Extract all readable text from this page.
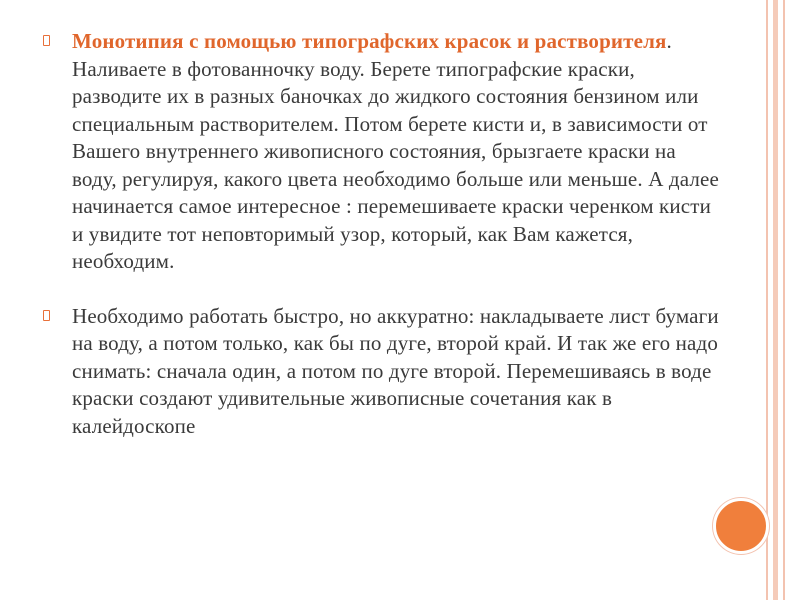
Монотипия с помощью типографских красок и растворителя. Наливаете в фотованночку воду. Берете типографские краски, разводите их в разных баночках до жидкого состояния бензином или специальным растворителем. Потом берете кисти и, в зависимости от Вашего внутреннего живописного состояния, брызгаете краски на воду, регулируя, какого цвета необходимо больше или меньше. А далее начинается самое интересное : перемешиваете краски черенком кисти и увидите тот неповторимый узор, который, как Вам кажется, необходим.
Необходимо работать быстро, но аккуратно: накладываете лист бумаги на воду, а потом только, как бы по дуге, второй край. И так же его надо снимать: сначала один, а потом по дуге второй. Перемешиваясь в воде краски создают удивительные живописные сочетания как в калейдоскопе
